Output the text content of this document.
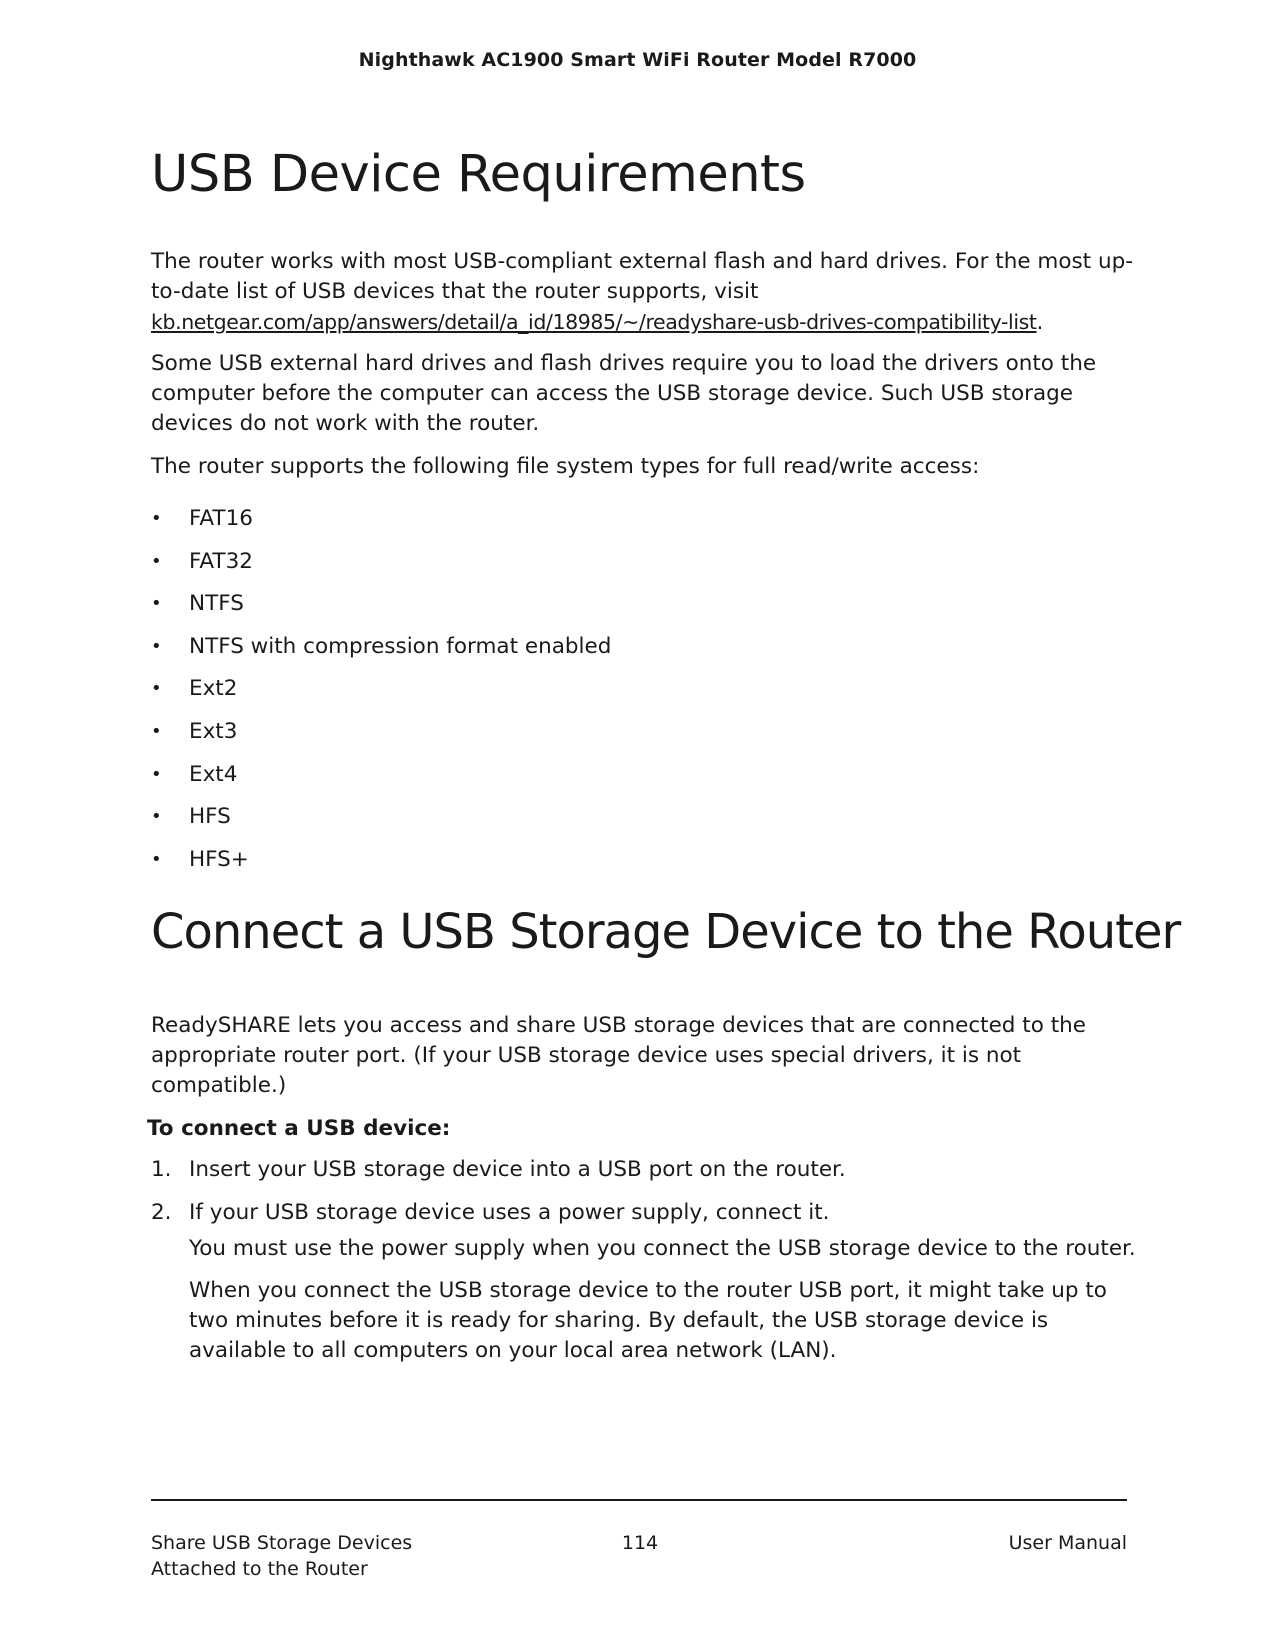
Nighthawk AC1900 Smart WiFi Router Model R7000
USB Device Requirements

The router works with most USB-compliant external flash and hard drives. For the most up-to-date list of USB devices that the router supports, visit kb.netgear.com/app/answers/detail/a_id/18985/~/readyshare-usb-drives-compatibility-list.

Some USB external hard drives and flash drives require you to load the drivers onto the computer before the computer can access the USB storage device. Such USB storage devices do not work with the router.

The router supports the following file system types for full read/write access:

• FAT16
• FAT32
• NTFS
• NTFS with compression format enabled
• Ext2
• Ext3
• Ext4
• HFS
• HFS+
Connect a USB Storage Device to the Router

ReadySHARE lets you access and share USB storage devices that are connected to the appropriate router port. (If your USB storage device uses special drivers, it is not compatible.)

To connect a USB device:
1. Insert your USB storage device into a USB port on the router.
2. If your USB storage device uses a power supply, connect it.
You must use the power supply when you connect the USB storage device to the router.
When you connect the USB storage device to the router USB port, it might take up to two minutes before it is ready for sharing. By default, the USB storage device is available to all computers on your local area network (LAN).
Share USB Storage Devices
Attached to the Router
114	User Manual
